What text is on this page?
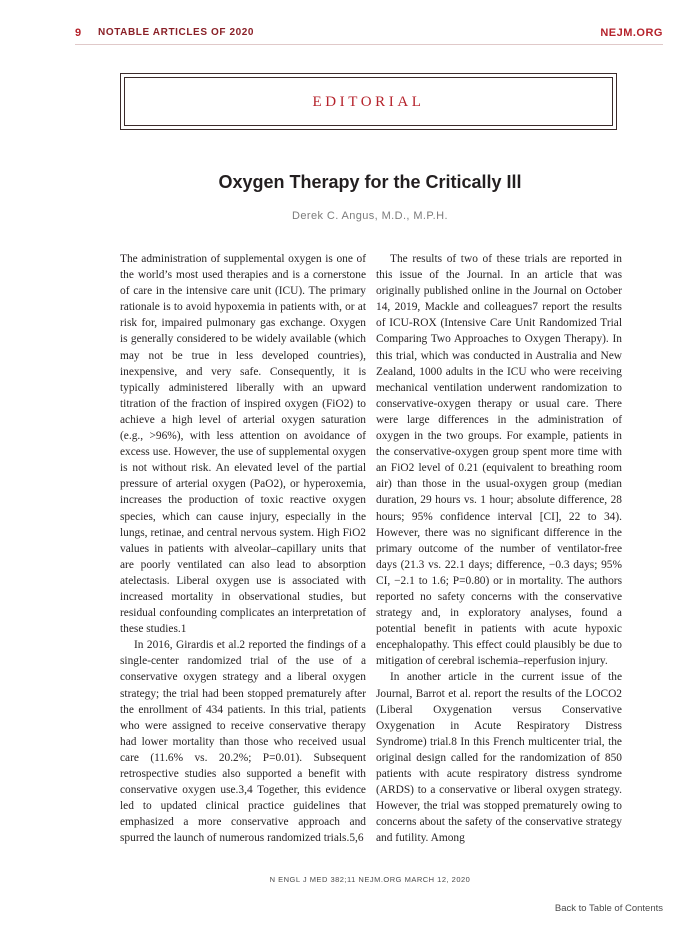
9 NOTABLE ARTICLES OF 2020	NEJM.ORG
EDITORIAL
Oxygen Therapy for the Critically Ill
Derek C. Angus, M.D., M.P.H.

The administration of supplemental oxygen is one of the world’s most used therapies and is a cornerstone of care in the intensive care unit (ICU). The primary rationale is to avoid hypoxemia in patients with, or at risk for, impaired pulmonary gas exchange. Oxygen is generally considered to be widely available (which may not be true in less developed countries), inexpensive, and very safe. Consequently, it is typically administered liberally with an upward titration of the fraction of inspired oxygen (FiO2) to achieve a high level of arterial oxygen saturation (e.g., >96%), with less attention on avoidance of excess use. However, the use of supplemental oxygen is not without risk. An elevated level of the partial pressure of arterial oxygen (PaO2), or hyperoxemia, increases the production of toxic reactive oxygen species, which can cause injury, especially in the lungs, retinae, and central nervous system. High FiO2 values in patients with alveolar–capillary units that are poorly ventilated can also lead to absorption atelectasis. Liberal oxygen use is associated with increased mortality in observational studies, but residual confounding complicates an interpretation of these studies.1

In 2016, Girardis et al.2 reported the findings of a single-center randomized trial of the use of a conservative oxygen strategy and a liberal oxygen strategy; the trial had been stopped prematurely after the enrollment of 434 patients. In this trial, patients who were assigned to receive conservative therapy had lower mortality than those who received usual care (11.6% vs. 20.2%; P=0.01). Subsequent retrospective studies also supported a benefit with conservative oxygen use.3,4 Together, this evidence led to updated clinical practice guidelines that emphasized a more conservative approach and spurred the launch of numerous randomized trials.5,6

The results of two of these trials are reported in this issue of the Journal. In an article that was originally published online in the Journal on October 14, 2019, Mackle and colleagues7 report the results of ICU-ROX (Intensive Care Unit Randomized Trial Comparing Two Approaches to Oxygen Therapy). In this trial, which was conducted in Australia and New Zealand, 1000 adults in the ICU who were receiving mechanical ventilation underwent randomization to conservative-oxygen therapy or usual care. There were large differences in the administration of oxygen in the two groups. For example, patients in the conservative-oxygen group spent more time with an FiO2 level of 0.21 (equivalent to breathing room air) than those in the usual-oxygen group (median duration, 29 hours vs. 1 hour; absolute difference, 28 hours; 95% confidence interval [CI], 22 to 34). However, there was no significant difference in the primary outcome of the number of ventilator-free days (21.3 vs. 22.1 days; difference, −0.3 days; 95% CI, −2.1 to 1.6; P=0.80) or in mortality. The authors reported no safety concerns with the conservative strategy and, in exploratory analyses, found a potential benefit in patients with acute hypoxic encephalopathy. This effect could plausibly be due to mitigation of cerebral ischemia–reperfusion injury.

In another article in the current issue of the Journal, Barrot et al. report the results of the LOCO2 (Liberal Oxygenation versus Conservative Oxygenation in Acute Respiratory Distress Syndrome) trial.8 In this French multicenter trial, the original design called for the randomization of 850 patients with acute respiratory distress syndrome (ARDS) to a conservative or liberal oxygen strategy. However, the trial was stopped prematurely owing to concerns about the safety of the conservative strategy and futility. Among

N ENGL J MED 382;11 NEJM.ORG MARCH 12, 2020
Back to Table of Contents
